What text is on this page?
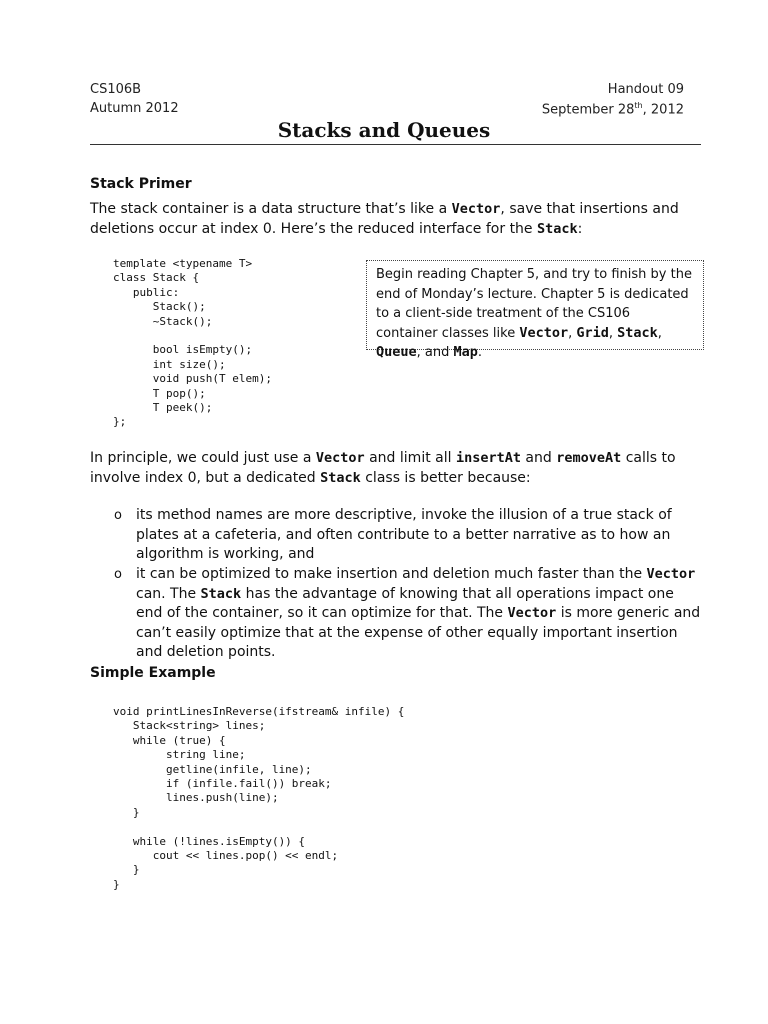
CS106B
Autumn 2012
Handout 09
September 28th, 2012
Stacks and Queues
Stack Primer
The stack container is a data structure that’s like a Vector, save that insertions and deletions occur at index 0. Here’s the reduced interface for the Stack:
template <typename T>
class Stack {
public:
Stack();
~Stack();

bool isEmpty();
int size();
void push(T elem);
T pop();
T peek();
};
Begin reading Chapter 5, and try to finish by the end of Monday’s lecture. Chapter 5 is dedicated to a client-side treatment of the CS106 container classes like Vector, Grid, Stack, Queue, and Map.
In principle, we could just use a Vector and limit all insertAt and removeAt calls to involve index 0, but a dedicated Stack class is better because:
o its method names are more descriptive, invoke the illusion of a true stack of plates at a cafeteria, and often contribute to a better narrative as to how an algorithm is working, and
o it can be optimized to make insertion and deletion much faster than the Vector can. The Stack has the advantage of knowing that all operations impact one end of the container, so it can optimize for that. The Vector is more generic and can’t easily optimize that at the expense of other equally important insertion and deletion points.
Simple Example
void printLinesInReverse(ifstream& infile) {
Stack<string> lines;
while (true) {
string line;
getline(infile, line);
if (infile.fail()) break;
lines.push(line);
}

while (!lines.isEmpty()) {
cout << lines.pop() << endl;
}
}
